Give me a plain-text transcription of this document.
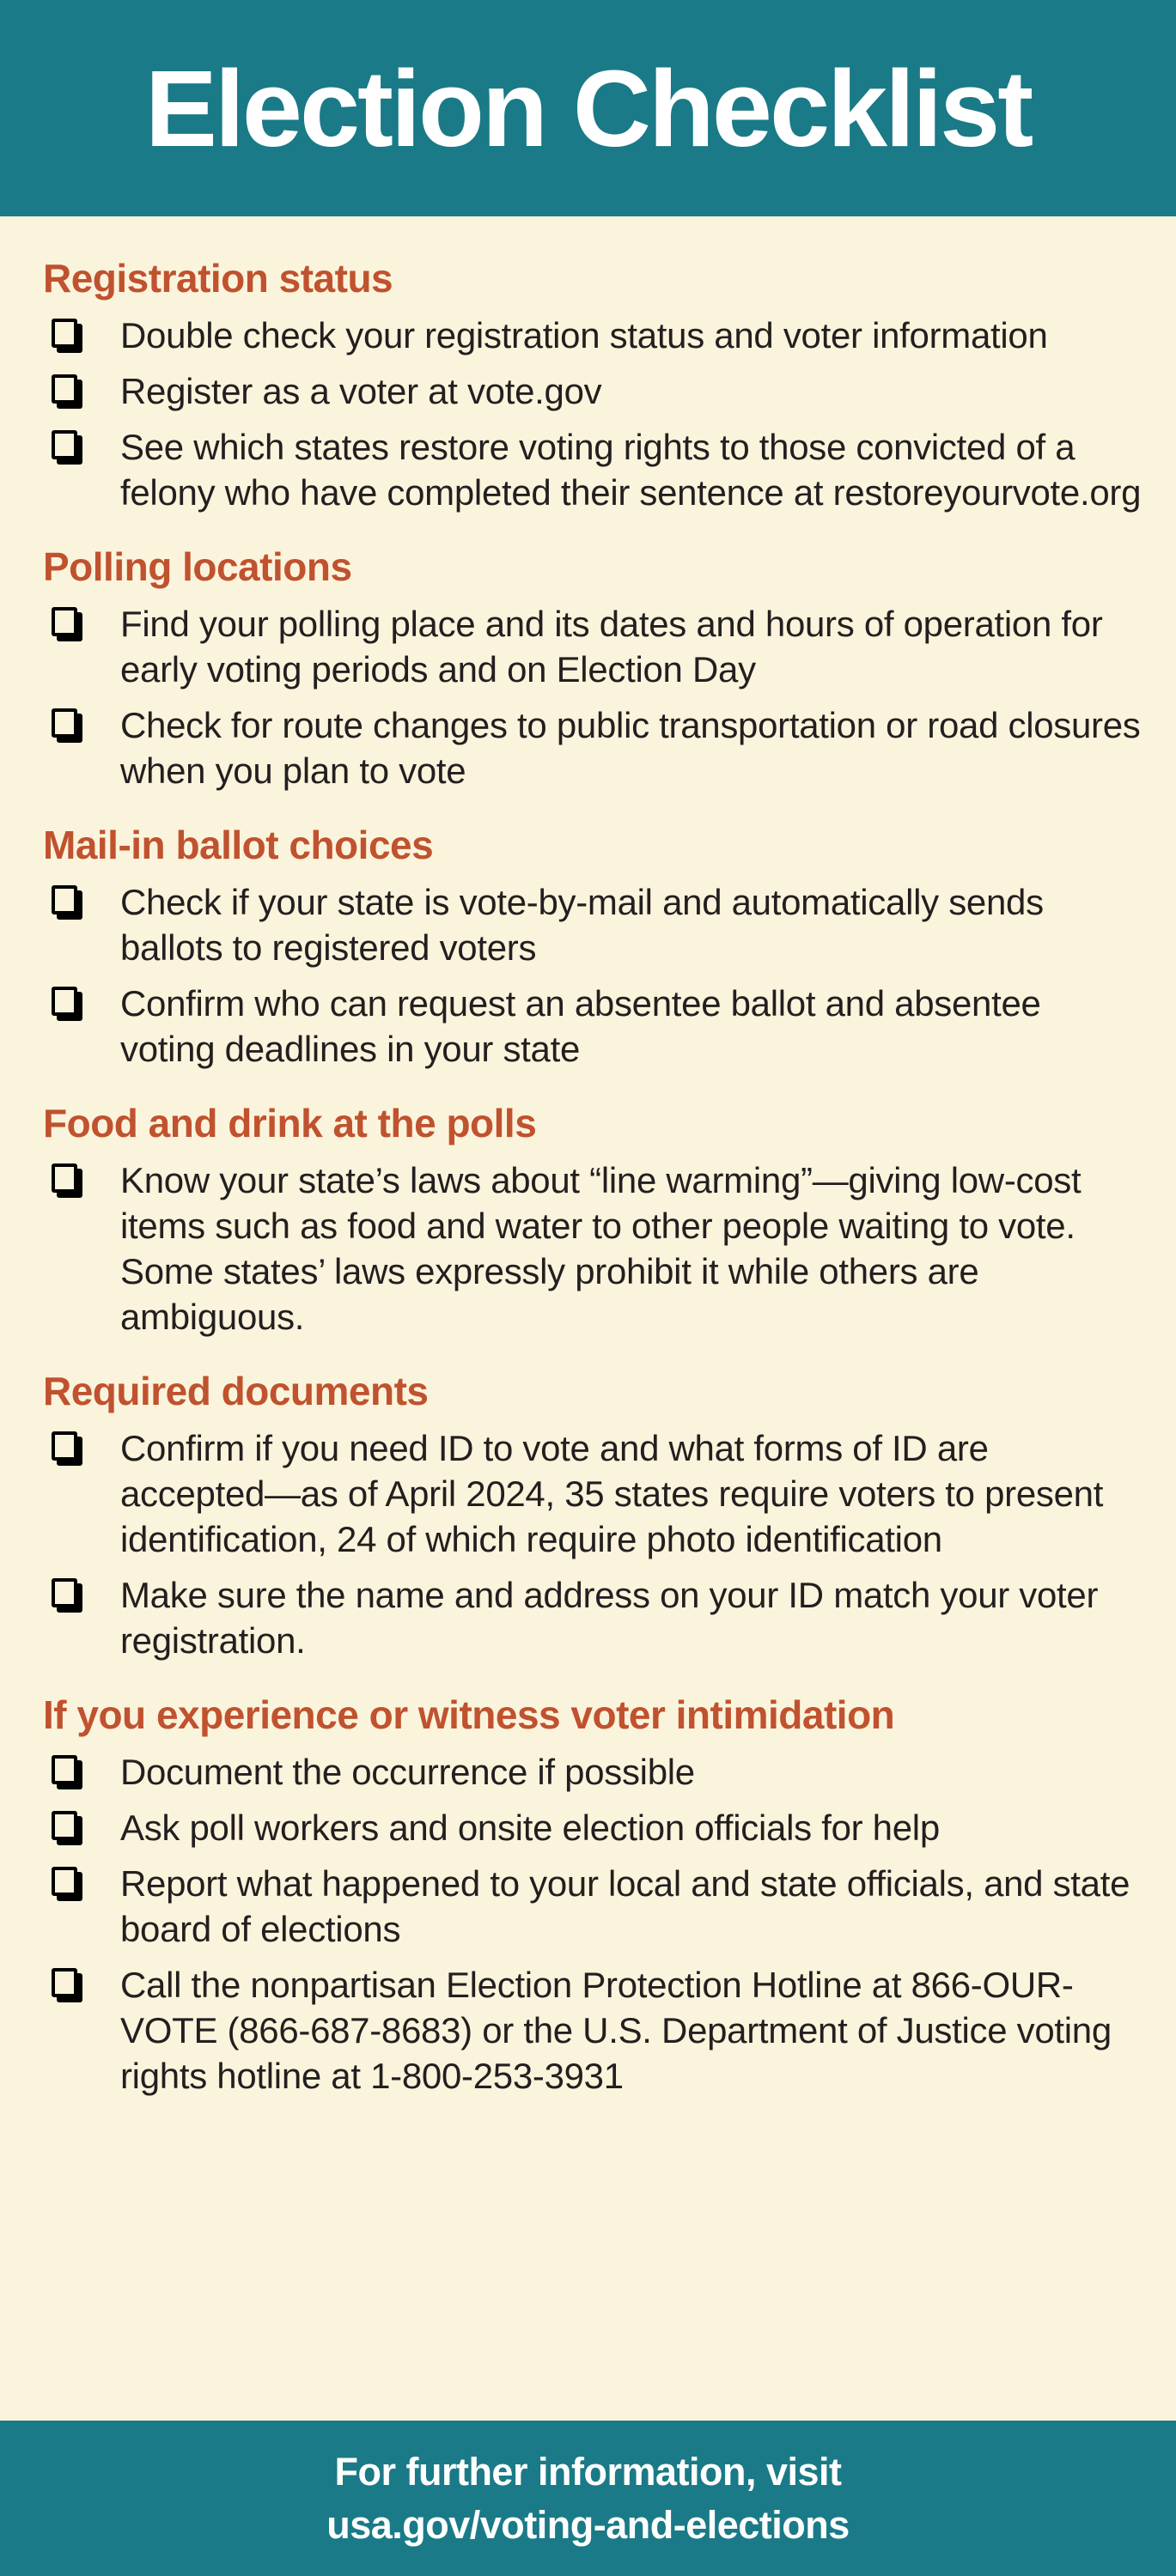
Election Checklist
Registration status
Double check your registration status and voter information
Register as a voter at vote.gov
See which states restore voting rights to those convicted of a felony who have completed their sentence at restoreyourvote.org
Polling locations
Find your polling place and its dates and hours of operation for early voting periods and on Election Day
Check for route changes to public transportation or road closures when you plan to vote
Mail-in ballot choices
Check if your state is vote-by-mail and automatically sends ballots to registered voters
Confirm who can request an absentee ballot and absentee voting deadlines in your state
Food and drink at the polls
Know your state’s laws about “line warming”—giving low-cost items such as food and water to other people waiting to vote. Some states’ laws expressly prohibit it while others are ambiguous.
Required documents
Confirm if you need ID to vote and what forms of ID are accepted—as of April 2024, 35 states require voters to present identification, 24 of which require photo identification
Make sure the name and address on your ID match your voter registration.
If you experience or witness voter intimidation
Document the occurrence if possible
Ask poll workers and onsite election officials for help
Report what happened to your local and state officials, and state board of elections
Call the nonpartisan Election Protection Hotline at 866-OUR-VOTE (866-687-8683) or the U.S. Department of Justice voting rights hotline at 1-800-253-3931

For further information, visit

usa.gov/voting-and-elections
